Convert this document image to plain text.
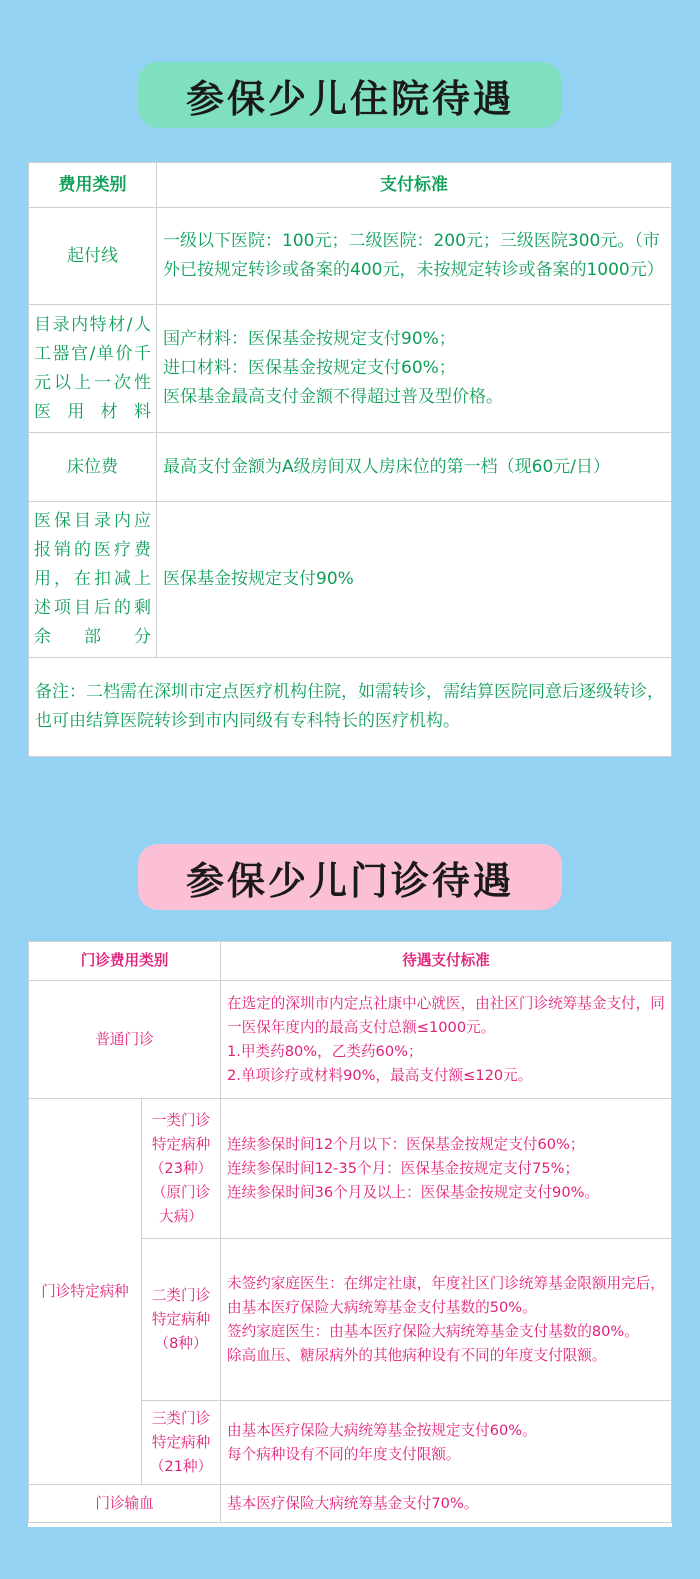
参保少儿住院待遇
费用类别	支付标准
起付线	一级以下医院：100元；二级医院：200元；三级医院300元。（市外已按规定转诊或备案的400元，未按规定转诊或备案的1000元）
目录内特材/人工器官/单价千元以上一次性医用材料	国产材料：医保基金按规定支付90%；
进口材料：医保基金按规定支付60%；
医保基金最高支付金额不得超过普及型价格。
床位费	最高支付金额为A级房间双人房床位的第一档（现60元/日）
医保目录内应报销的医疗费用，在扣减上述项目后的剩余部分	医保基金按规定支付90%
备注：二档需在深圳市定点医疗机构住院，如需转诊，需结算医院同意后逐级转诊，也可由结算医院转诊到市内同级有专科特长的医疗机构。
参保少儿门诊待遇
门诊费用类别		待遇支付标准
普通门诊		在选定的深圳市内定点社康中心就医，由社区门诊统筹基金支付，同一医保年度内的最高支付总额≤1000元。
1.甲类药80%，乙类药60%；
2.单项诊疗或材料90%，最高支付额≤120元。
门诊特定病种	一类门诊特定病种（23种）（原门诊大病）	连续参保时间12个月以下：医保基金按规定支付60%；
连续参保时间12-35个月：医保基金按规定支付75%；
连续参保时间36个月及以上：医保基金按规定支付90%。
	二类门诊特定病种（8种）	未签约家庭医生：在绑定社康，年度社区门诊统筹基金限额用完后，由基本医疗保险大病统筹基金支付基数的50%。
签约家庭医生：由基本医疗保险大病统筹基金支付基数的80%。
除高血压、糖尿病外的其他病种设有不同的年度支付限额。
	三类门诊特定病种（21种）	由基本医疗保险大病统筹基金按规定支付60%。
每个病种设有不同的年度支付限额。
门诊输血		基本医疗保险大病统筹基金支付70%。
